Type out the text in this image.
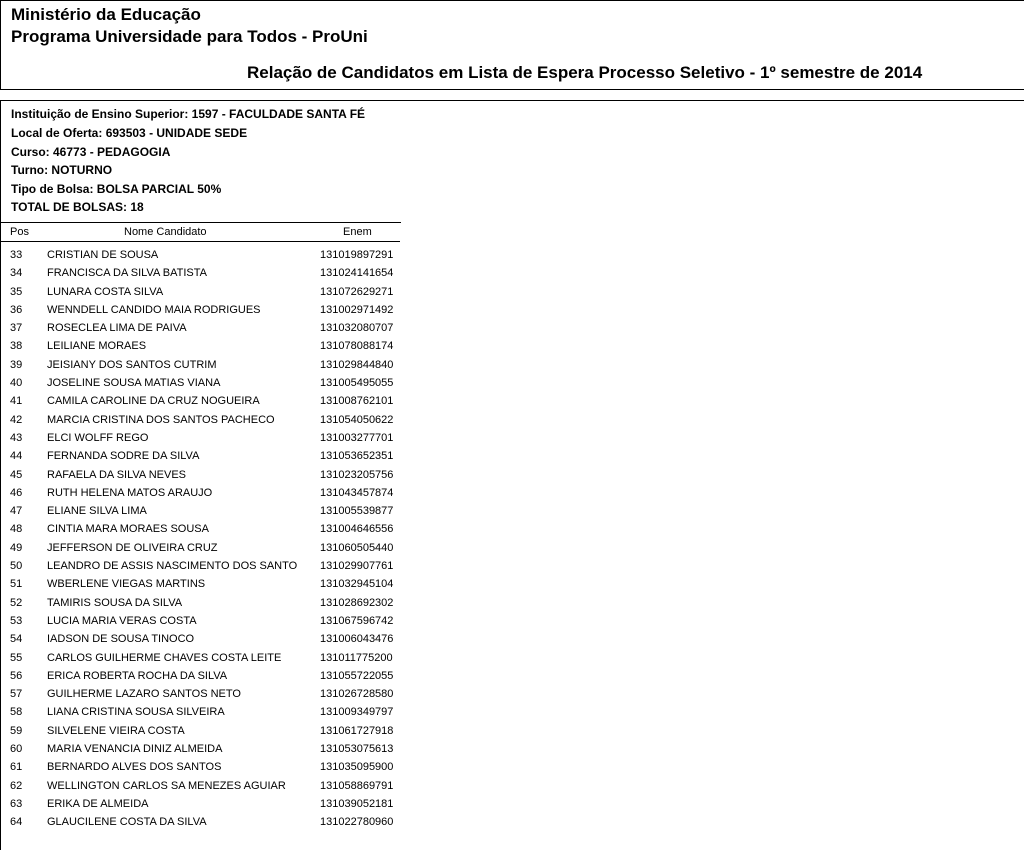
Ministério da Educação
Programa Universidade para Todos - ProUni
Relação de Candidatos em Lista de Espera Processo Seletivo - 1º semestre de 2014
Instituição de Ensino Superior: 1597 - FACULDADE SANTA FÉ
Local de Oferta: 693503 - UNIDADE SEDE
Curso: 46773 - PEDAGOGIA
Turno: NOTURNO
Tipo de Bolsa: BOLSA PARCIAL 50%
TOTAL DE BOLSAS: 18
Pos	Nome Candidato	Enem
33 CRISTIAN DE SOUSA	131019897291
34 FRANCISCA DA SILVA BATISTA	131024141654
35 LUNARA COSTA SILVA	131072629271
36 WENNDELL CANDIDO MAIA RODRIGUES	131002971492
37 ROSECLEA LIMA DE PAIVA	131032080707
38 LEILIANE MORAES	131078088174
39 JEISIANY DOS SANTOS CUTRIM	131029844840
40 JOSELINE SOUSA MATIAS VIANA	131005495055
41 CAMILA CAROLINE DA CRUZ NOGUEIRA	131008762101
42 MARCIA CRISTINA DOS SANTOS PACHECO	131054050622
43 ELCI WOLFF REGO	131003277701
44 FERNANDA SODRE DA SILVA	131053652351
45 RAFAELA DA SILVA NEVES	131023205756
46 RUTH HELENA MATOS ARAUJO	131043457874
47 ELIANE SILVA LIMA	131005539877
48 CINTIA MARA MORAES SOUSA	131004646556
49 JEFFERSON DE OLIVEIRA CRUZ	131060505440
50 LEANDRO DE ASSIS NASCIMENTO DOS SANTO	131029907761
51 WBERLENE VIEGAS MARTINS	131032945104
52 TAMIRIS SOUSA DA SILVA	131028692302
53 LUCIA MARIA VERAS COSTA	131067596742
54 IADSON DE SOUSA TINOCO	131006043476
55 CARLOS GUILHERME CHAVES COSTA LEITE	131011775200
56 ERICA ROBERTA ROCHA DA SILVA	131055722055
57 GUILHERME LAZARO SANTOS NETO	131026728580
58 LIANA CRISTINA SOUSA SILVEIRA	131009349797
59 SILVELENE VIEIRA COSTA	131061727918
60 MARIA VENANCIA DINIZ ALMEIDA	131053075613
61 BERNARDO ALVES DOS SANTOS	131035095900
62 WELLINGTON CARLOS SA MENEZES AGUIAR	131058869791
63 ERIKA DE ALMEIDA	131039052181
64 GLAUCILENE COSTA DA SILVA	131022780960
